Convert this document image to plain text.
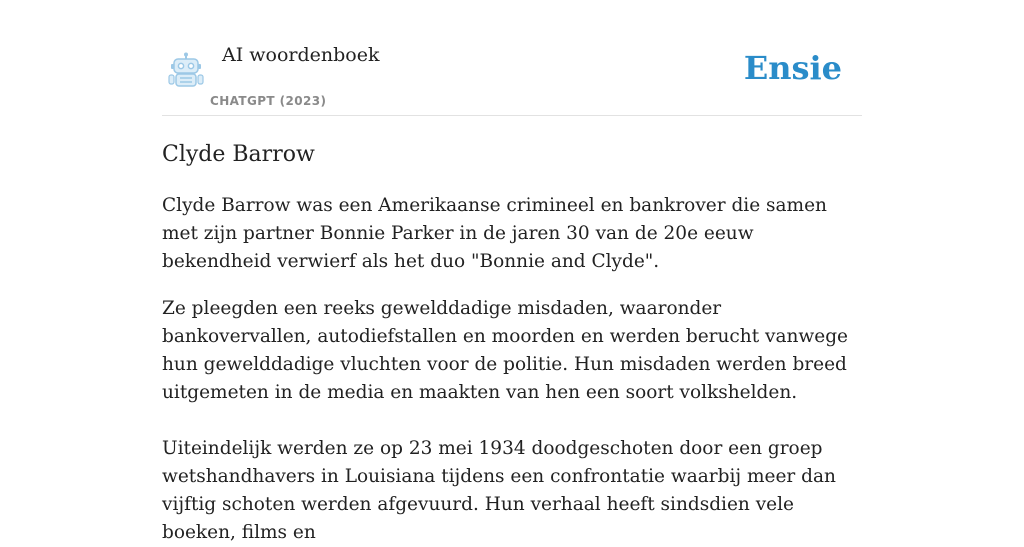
AI woordenboek
CHATGPT (2023)
Ensie
Clyde Barrow

Clyde Barrow was een Amerikaanse crimineel en bankrover die samen met zijn partner Bonnie Parker in de jaren 30 van de 20e eeuw bekendheid verwierf als het duo "Bonnie and Clyde".

Ze pleegden een reeks gewelddadige misdaden, waaronder bankovervallen, autodiefstallen en moorden en werden berucht vanwege hun gewelddadige vluchten voor de politie. Hun misdaden werden breed uitgemeten in de media en maakten van hen een soort volkshelden.

Uiteindelijk werden ze op 23 mei 1934 doodgeschoten door een groep wetshandhavers in Louisiana tijdens een confrontatie waarbij meer dan vijftig schoten werden afgevuurd. Hun verhaal heeft sindsdien vele boeken, films en
